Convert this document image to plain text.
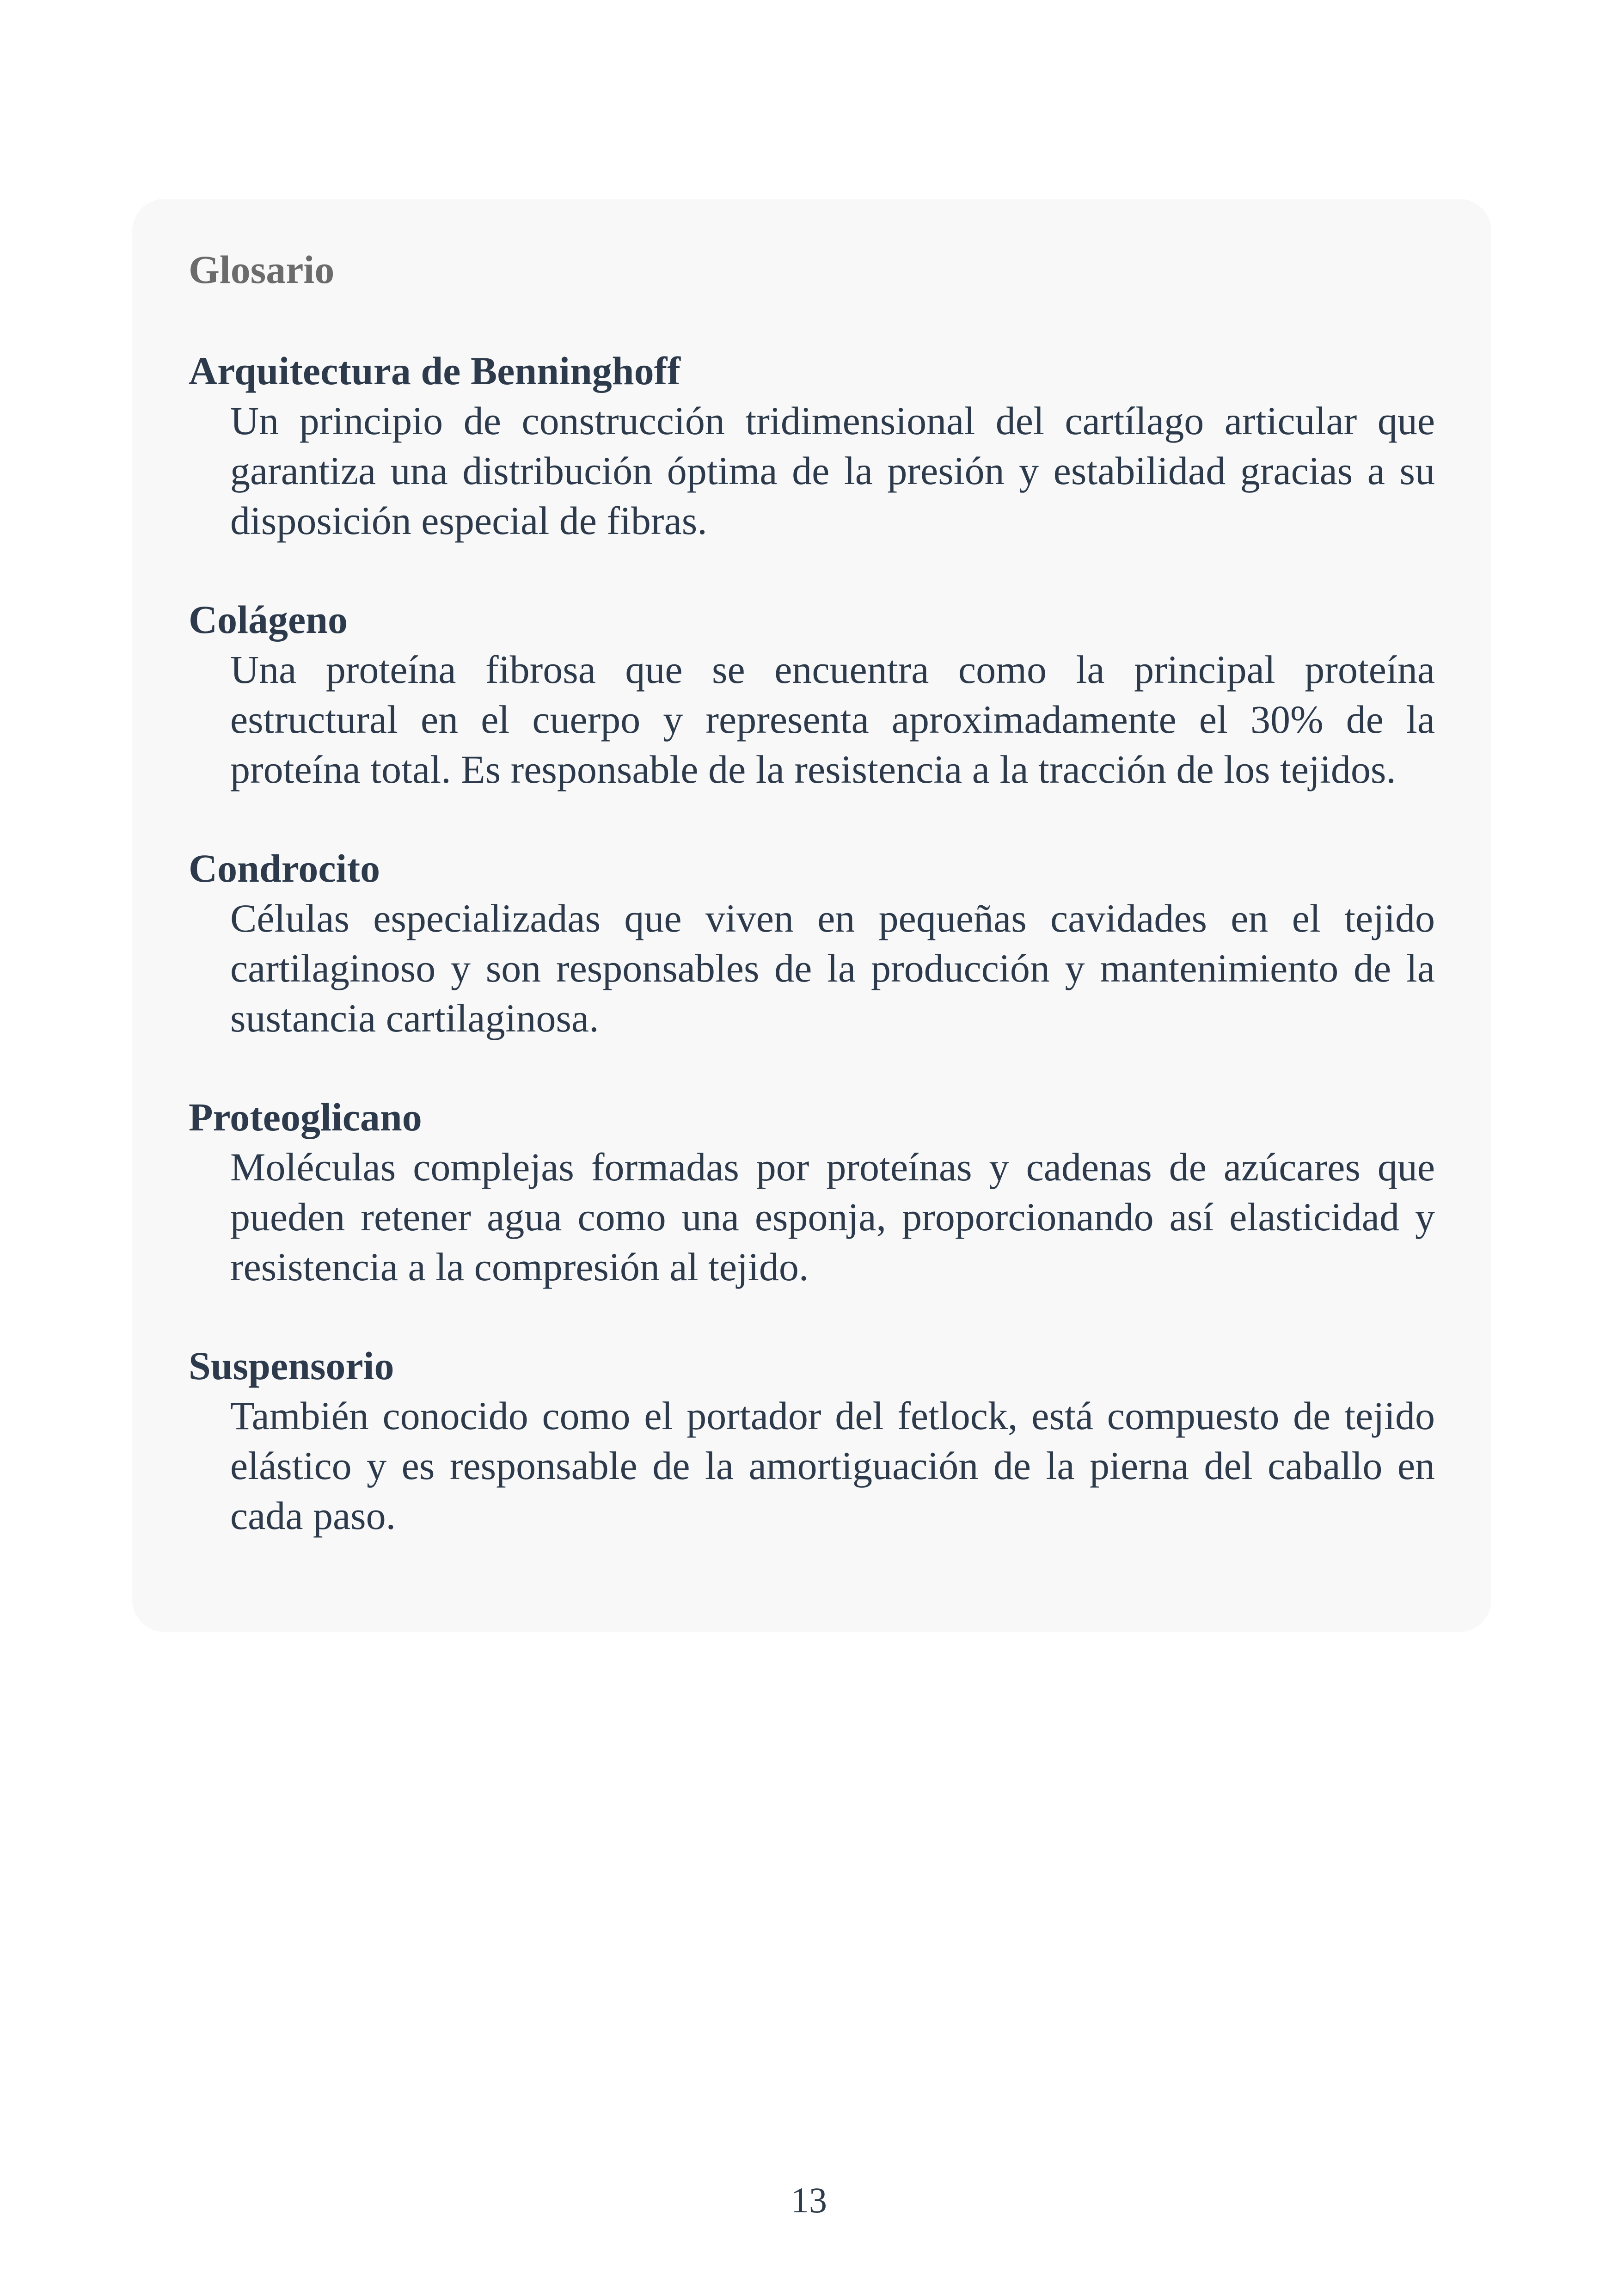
Glosario

Arquitectura de Benninghoff

Un principio de construcción tridimensional del cartílago articular que garantiza una distribución óptima de la presión y estabilidad gracias a su disposición especial de fibras.

Colágeno

Una proteína fibrosa que se encuentra como la principal proteína estructural en el cuerpo y representa aproximadamente el 30% de la proteína total. Es responsable de la resistencia a la tracción de los tejidos.

Condrocito

Células especializadas que viven en pequeñas cavidades en el tejido cartilaginoso y son responsables de la producción y mantenimiento de la sustancia cartilaginosa.

Proteoglicano

Moléculas complejas formadas por proteínas y cadenas de azúcares que pueden retener agua como una esponja, proporcionando así elasticidad y resistencia a la compresión al tejido.

Suspensorio

También conocido como el portador del fetlock, está compuesto de tejido elástico y es responsable de la amortiguación de la pierna del caballo en cada paso.

13
